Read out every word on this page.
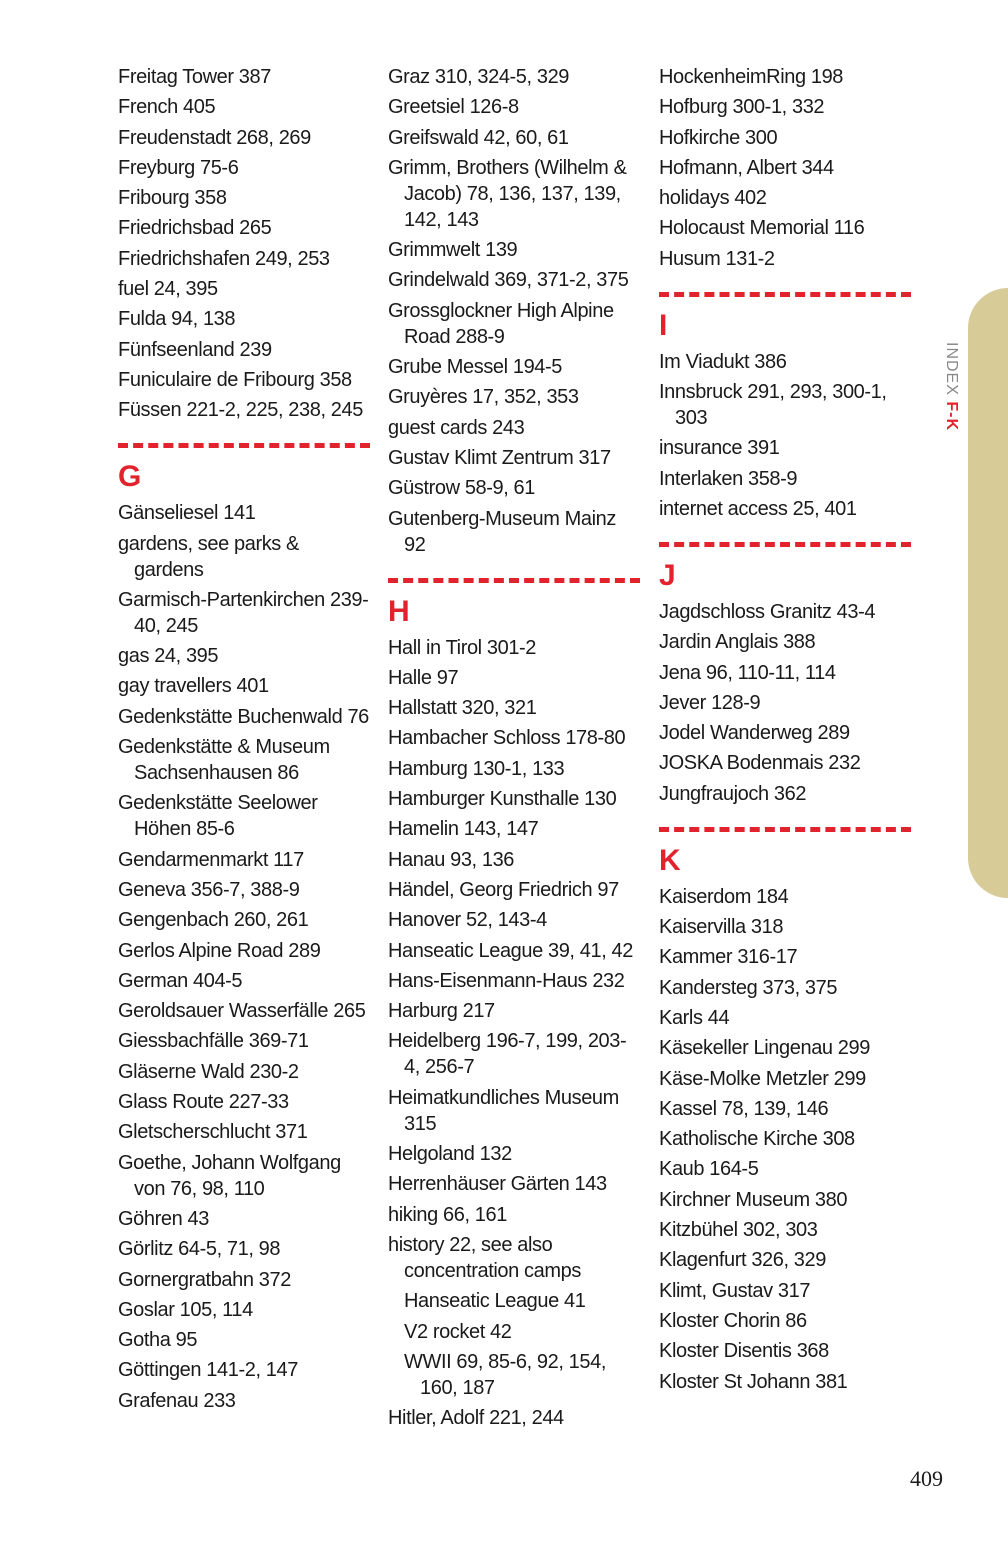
INDEX F-K
Freitag Tower 387
French 405
Freudenstadt 268, 269
Freyburg 75-6
Fribourg 358
Friedrichsbad 265
Friedrichshafen 249, 253
fuel 24, 395
Fulda 94, 138
Fünfseenland 239
Funiculaire de Fribourg 358
Füssen 221-2, 225, 238, 245
G
Gänseliesel 141
gardens, see parks & gardens
Garmisch-Partenkirchen 239-40, 245
gas 24, 395
gay travellers 401
Gedenkstätte Buchenwald 76
Gedenkstätte & Museum Sachsenhausen 86
Gedenkstätte Seelower Höhen 85-6
Gendarmenmarkt 117
Geneva 356-7, 388-9
Gengenbach 260, 261
Gerlos Alpine Road 289
German 404-5
Geroldsauer Wasserfälle 265
Giessbachfälle 369-71
Gläserne Wald 230-2
Glass Route 227-33
Gletscherschlucht 371
Goethe, Johann Wolfgang von 76, 98, 110
Göhren 43
Görlitz 64-5, 71, 98
Gornergratbahn 372
Goslar 105, 114
Gotha 95
Göttingen 141-2, 147
Grafenau 233
Graz 310, 324-5, 329
Greetsiel 126-8
Greifswald 42, 60, 61
Grimm, Brothers (Wilhelm & Jacob) 78, 136, 137, 139, 142, 143
Grimmwelt 139
Grindelwald 369, 371-2, 375
Grossglockner High Alpine Road 288-9
Grube Messel 194-5
Gruyères 17, 352, 353
guest cards 243
Gustav Klimt Zentrum 317
Güstrow 58-9, 61
Gutenberg-Museum Mainz 92
H
Hall in Tirol 301-2
Halle 97
Hallstatt 320, 321
Hambacher Schloss 178-80
Hamburg 130-1, 133
Hamburger Kunsthalle 130
Hamelin 143, 147
Hanau 93, 136
Händel, Georg Friedrich 97
Hanover 52, 143-4
Hanseatic League 39, 41, 42
Hans-Eisenmann-Haus 232
Harburg 217
Heidelberg 196-7, 199, 203-4, 256-7
Heimatkundliches Museum 315
Helgoland 132
Herrenhäuser Gärten 143
hiking 66, 161
history 22, see also concentration camps
Hanseatic League 41
V2 rocket 42
WWII 69, 85-6, 92, 154, 160, 187
Hitler, Adolf 221, 244
HockenheimRing 198
Hofburg 300-1, 332
Hofkirche 300
Hofmann, Albert 344
holidays 402
Holocaust Memorial 116
Husum 131-2
I
Im Viadukt 386
Innsbruck 291, 293, 300-1, 303
insurance 391
Interlaken 358-9
internet access 25, 401
J
Jagdschloss Granitz 43-4
Jardin Anglais 388
Jena 96, 110-11, 114
Jever 128-9
Jodel Wanderweg 289
JOSKA Bodenmais 232
Jungfraujoch 362
K
Kaiserdom 184
Kaiservilla 318
Kammer 316-17
Kandersteg 373, 375
Karls 44
Käsekeller Lingenau 299
Käse-Molke Metzler 299
Kassel 78, 139, 146
Katholische Kirche 308
Kaub 164-5
Kirchner Museum 380
Kitzbühel 302, 303
Klagenfurt 326, 329
Klimt, Gustav 317
Kloster Chorin 86
Kloster Disentis 368
Kloster St Johann 381
409
